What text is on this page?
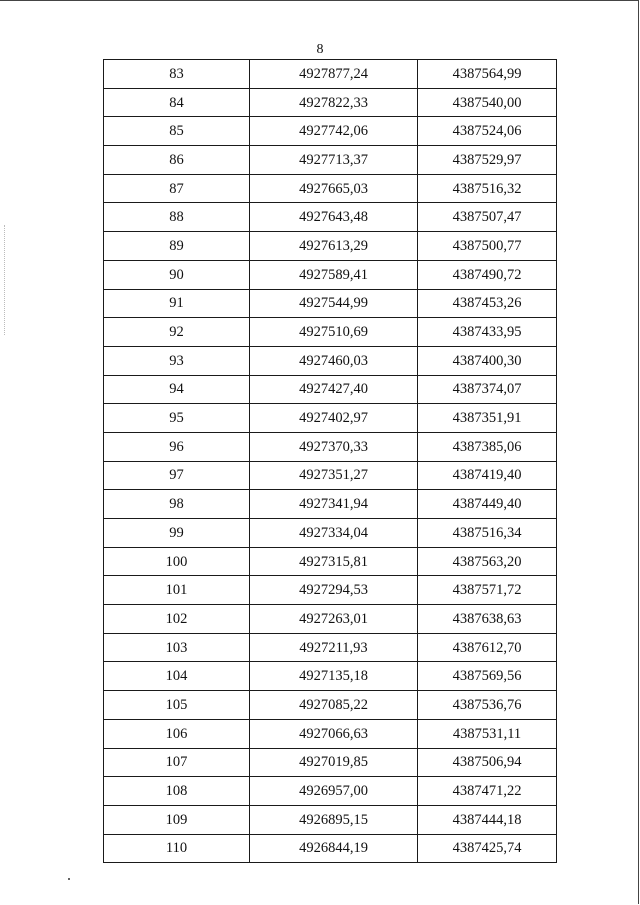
8
83	4927877,24	4387564,99
84	4927822,33	4387540,00
85	4927742,06	4387524,06
86	4927713,37	4387529,97
87	4927665,03	4387516,32
88	4927643,48	4387507,47
89	4927613,29	4387500,77
90	4927589,41	4387490,72
91	4927544,99	4387453,26
92	4927510,69	4387433,95
93	4927460,03	4387400,30
94	4927427,40	4387374,07
95	4927402,97	4387351,91
96	4927370,33	4387385,06
97	4927351,27	4387419,40
98	4927341,94	4387449,40
99	4927334,04	4387516,34
100	4927315,81	4387563,20
101	4927294,53	4387571,72
102	4927263,01	4387638,63
103	4927211,93	4387612,70
104	4927135,18	4387569,56
105	4927085,22	4387536,76
106	4927066,63	4387531,11
107	4927019,85	4387506,94
108	4926957,00	4387471,22
109	4926895,15	4387444,18
110	4926844,19	4387425,74
